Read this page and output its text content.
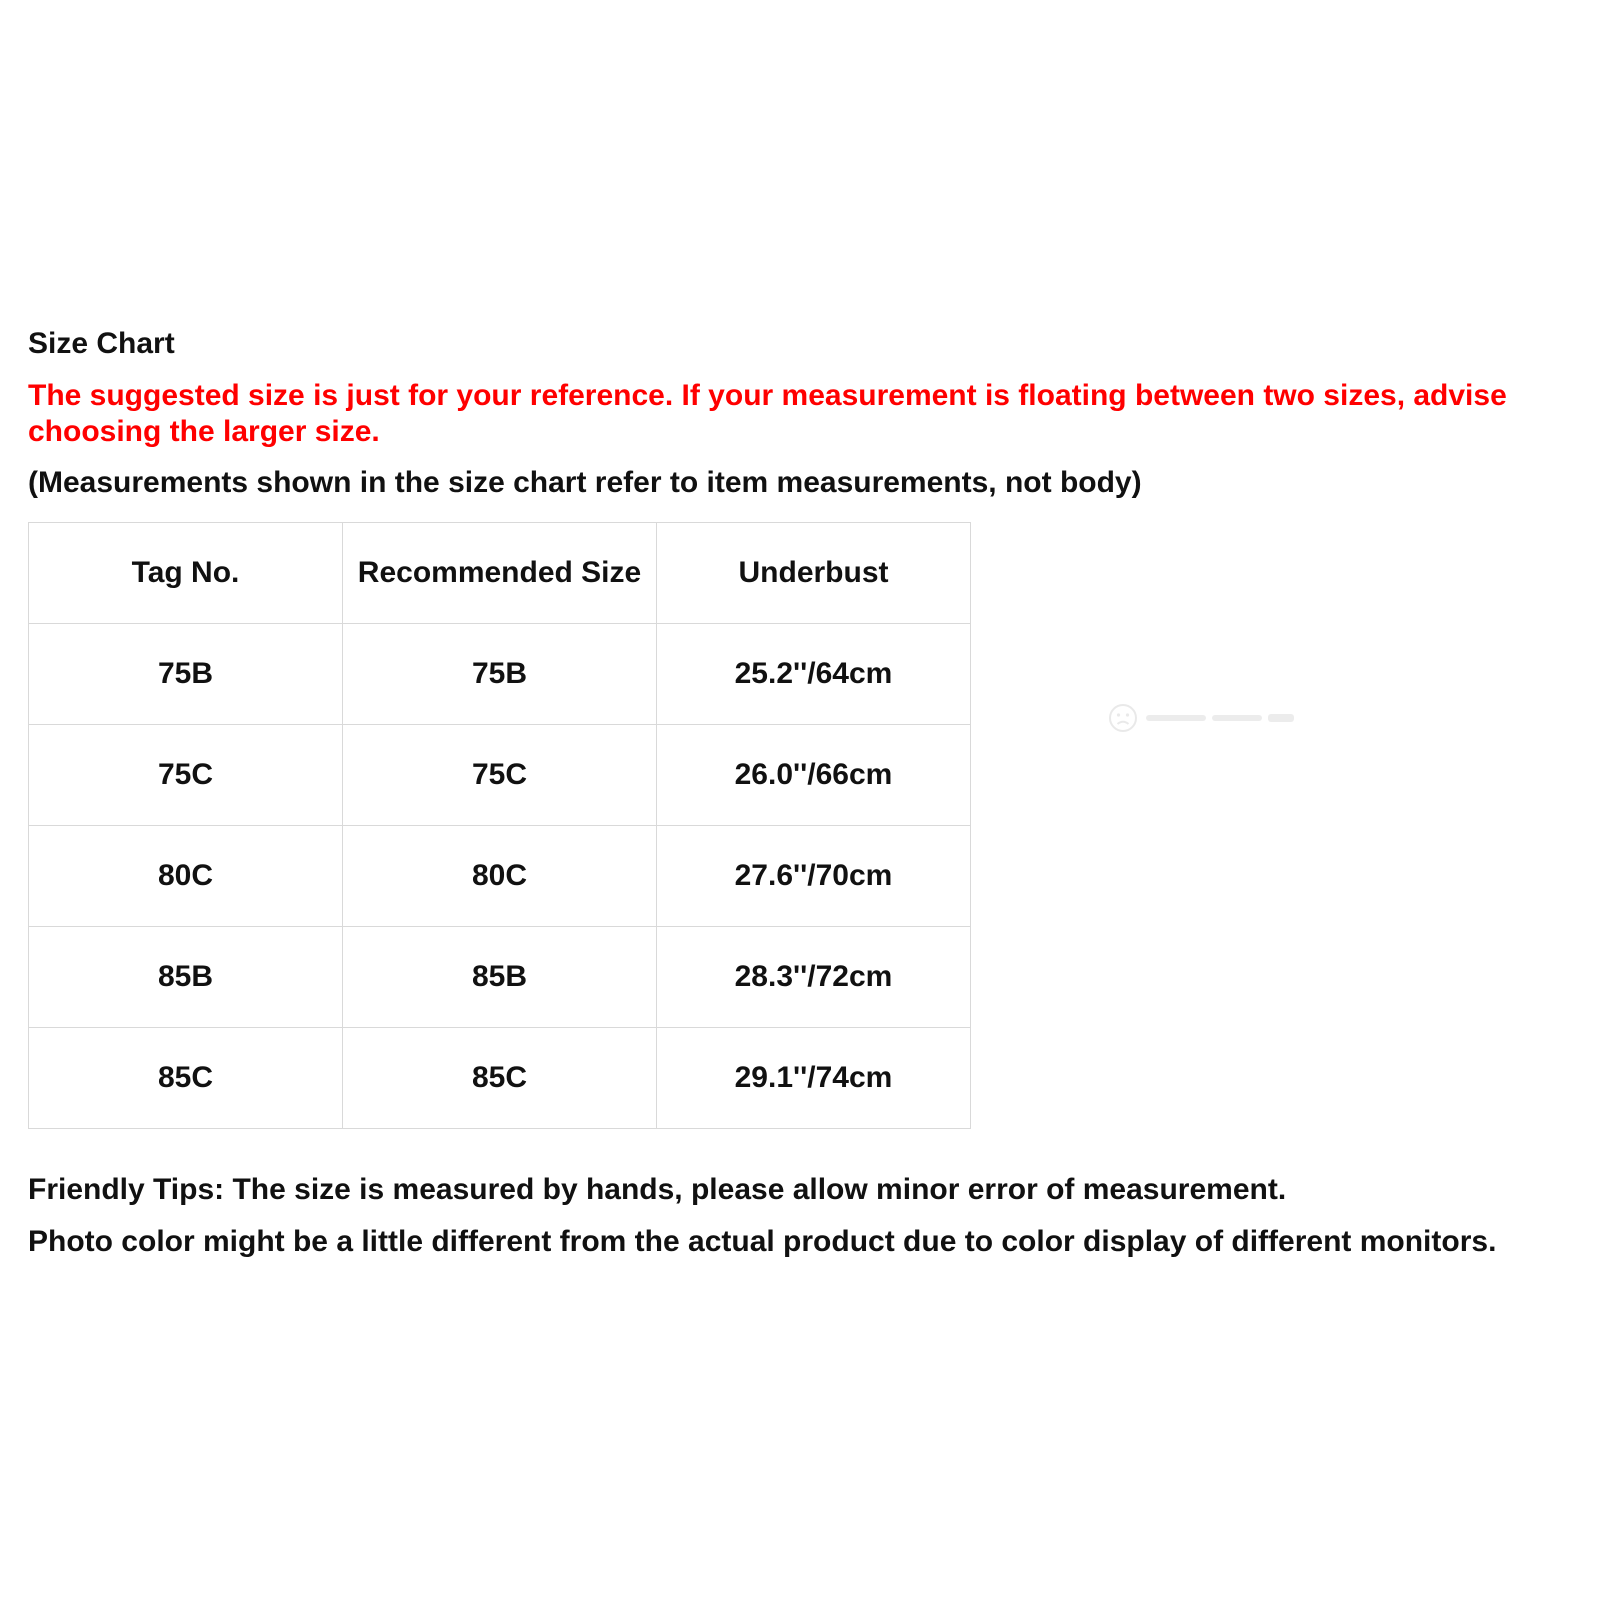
Size Chart
The suggested size is just for your reference. If your measurement is floating between two sizes, advise choosing the larger size.
(Measurements shown in the size chart refer to item measurements, not body)
Tag No.	Recommended Size	Underbust
75B	75B	25.2''/64cm
75C	75C	26.0''/66cm
80C	80C	27.6''/70cm
85B	85B	28.3''/72cm
85C	85C	29.1''/74cm
Friendly Tips: The size is measured by hands, please allow minor error of measurement.
Photo color might be a little different from the actual product due to color display of different monitors.
